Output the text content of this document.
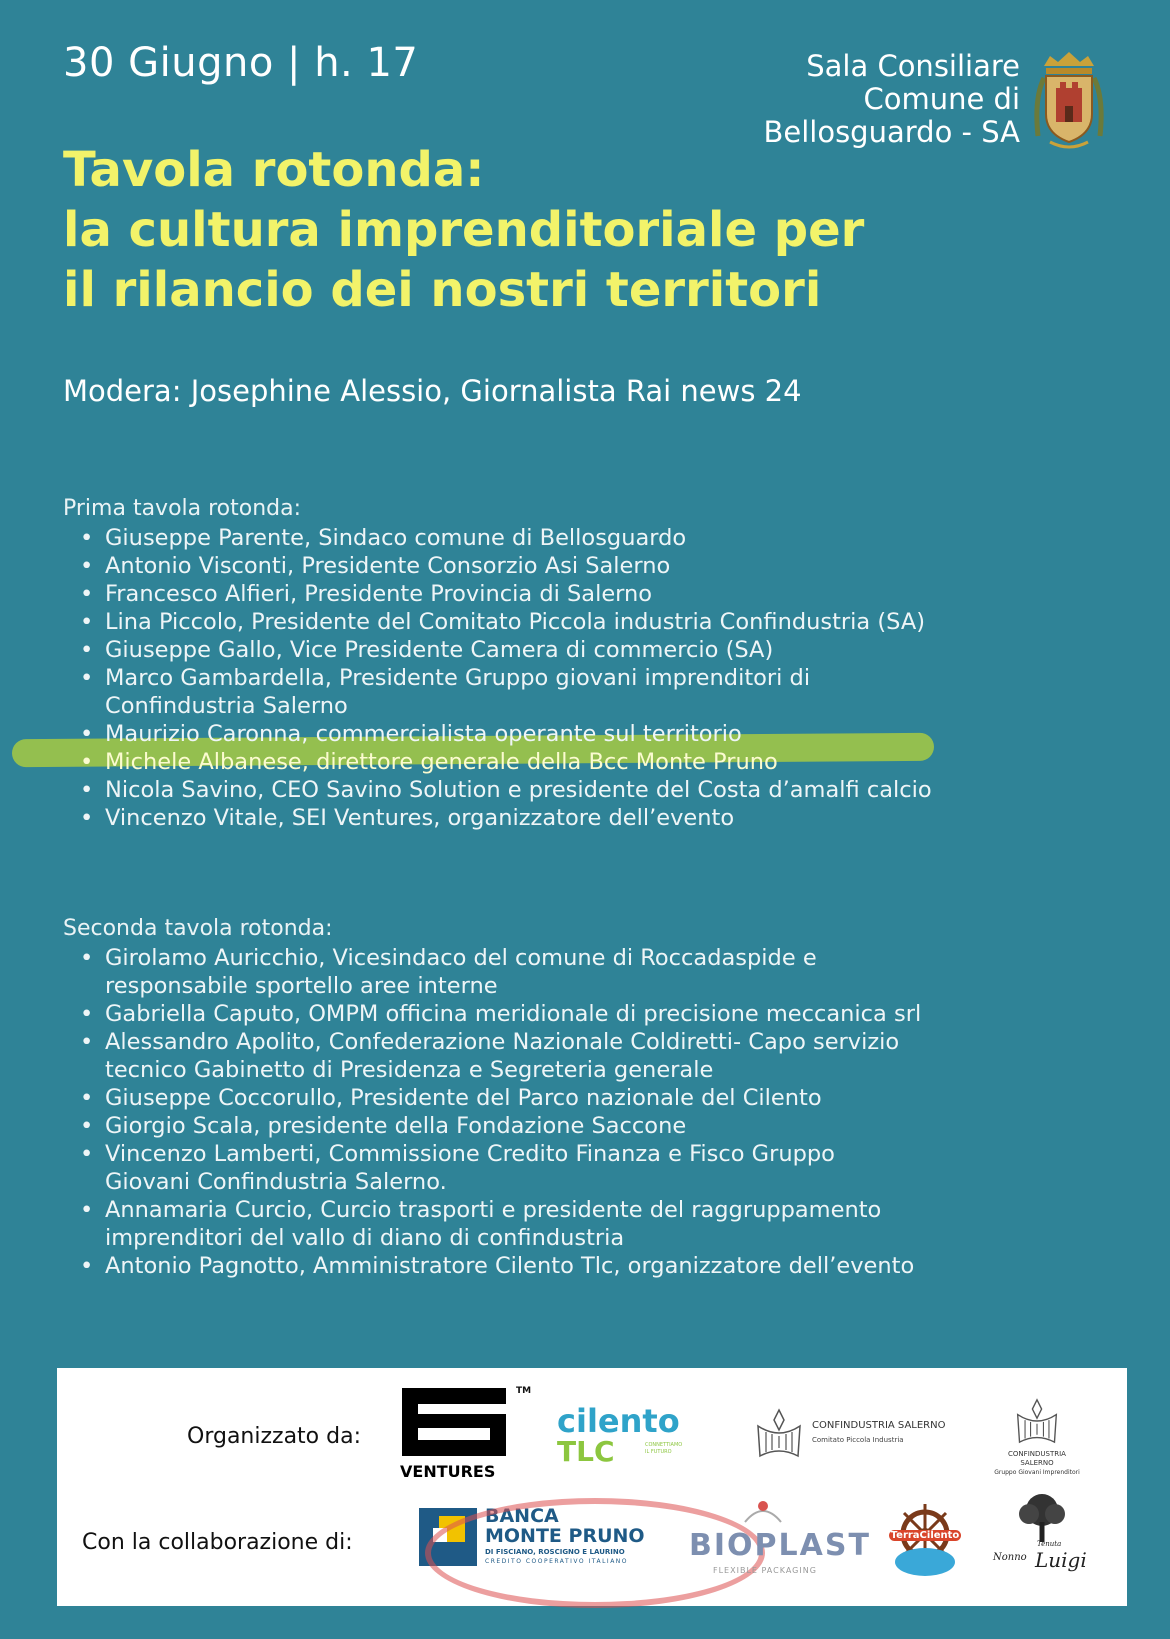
30 Giugno | h. 17	Sala Consiliare
Comune di
Bellosguardo - SA
Tavola rotonda:
la cultura imprenditoriale per
il rilancio dei nostri territori
Modera: Josephine Alessio, Giornalista Rai news 24
Prima tavola rotonda:
• Giuseppe Parente, Sindaco comune di Bellosguardo
• Antonio Visconti, Presidente Consorzio Asi Salerno
• Francesco Alfieri, Presidente Provincia di Salerno
• Lina Piccolo, Presidente del Comitato Piccola industria Confindustria (SA)
• Giuseppe Gallo, Vice Presidente Camera di commercio (SA)
• Marco Gambardella, Presidente Gruppo giovani imprenditori di Confindustria Salerno
• Maurizio Caronna, commercialista operante sul territorio
• Michele Albanese, direttore generale della Bcc Monte Pruno
• Nicola Savino, CEO Savino Solution e presidente del Costa d’amalfi calcio
• Vincenzo Vitale, SEI Ventures, organizzatore dell’evento
Seconda tavola rotonda:
• Girolamo Auricchio, Vicesindaco del comune di Roccadaspide e responsabile sportello aree interne
• Gabriella Caputo, OMPM officina meridionale di precisione meccanica srl
• Alessandro Apolito, Confederazione Nazionale Coldiretti- Capo servizio tecnico Gabinetto di Presidenza e Segreteria generale
• Giuseppe Coccorullo, Presidente del Parco nazionale del Cilento
• Giorgio Scala, presidente della Fondazione Saccone
• Vincenzo Lamberti, Commissione Credito Finanza e Fisco Gruppo Giovani Confindustria Salerno.
• Annamaria Curcio, Curcio trasporti e presidente del raggruppamento imprenditori del vallo di diano di confindustria
• Antonio Pagnotto, Amministratore Cilento Tlc, organizzatore dell’evento
Organizzato da:
Con la collaborazione di:
TM
VENTURES
cilento
TLC	CONNETTIAMO
IL FUTURO
CONFINDUSTRIA SALERNO
Comitato Piccola Industria
CONFINDUSTRIA
SALERNO
Gruppo Giovani Imprenditori
BANCA
MONTE PRUNO
DI FISCIANO, ROSCIGNO E LAURINO
CREDITO COOPERATIVO ITALIANO BIOPLAST
FLEXIBLE PACKAGING
TerraCilento
Tenuta
Nonno Luigi
